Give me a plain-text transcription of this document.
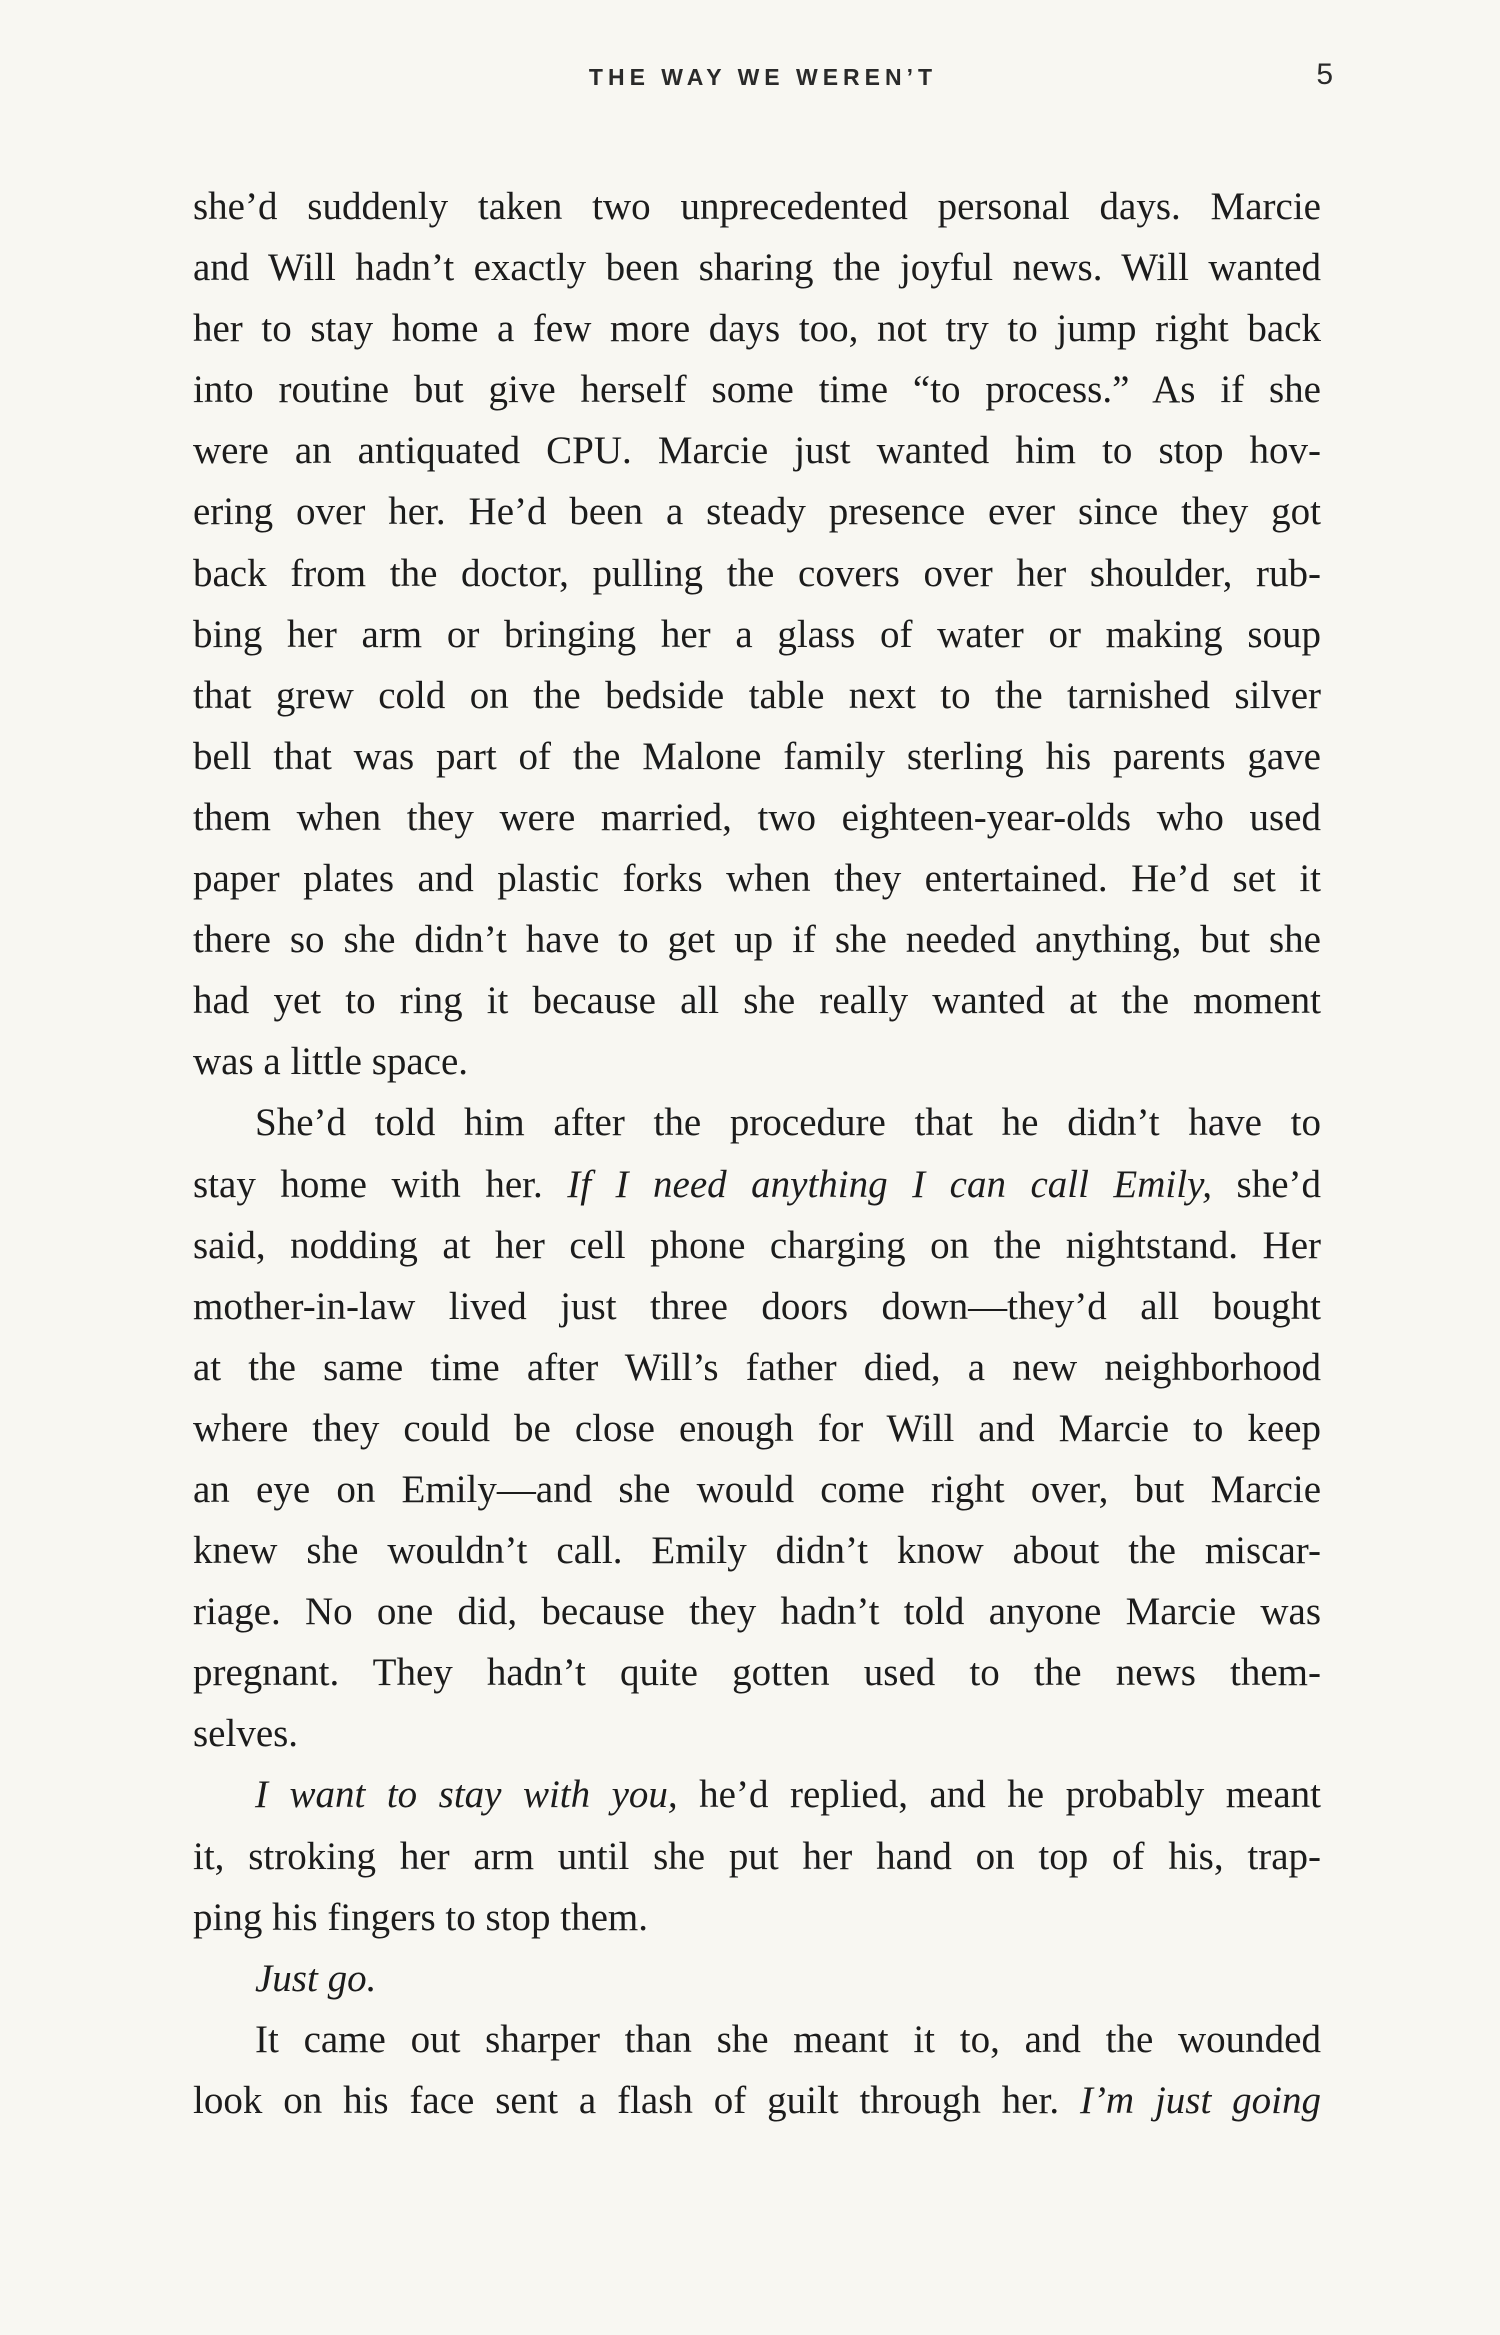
THE WAY WE WEREN’T	5
she’d suddenly taken two unprecedented personal days. Marcie
and Will hadn’t exactly been sharing the joyful news. Will wanted
her to stay home a few more days too, not try to jump right back
into routine but give herself some time “to process.” As if she
were an antiquated CPU. Marcie just wanted him to stop hov-
ering over her. He’d been a steady presence ever since they got
back from the doctor, pulling the covers over her shoulder, rub-
bing her arm or bringing her a glass of water or making soup
that grew cold on the bedside table next to the tarnished silver
bell that was part of the Malone family sterling his parents gave
them when they were married, two eighteen-year-olds who used
paper plates and plastic forks when they entertained. He’d set it
there so she didn’t have to get up if she needed anything, but she
had yet to ring it because all she really wanted at the moment
was a little space.
She’d told him after the procedure that he didn’t have to
stay home with her. If I need anything I can call Emily, she’d
said, nodding at her cell phone charging on the nightstand. Her
mother-in-law lived just three doors down—they’d all bought
at the same time after Will’s father died, a new neighborhood
where they could be close enough for Will and Marcie to keep
an eye on Emily—and she would come right over, but Marcie
knew she wouldn’t call. Emily didn’t know about the miscar-
riage. No one did, because they hadn’t told anyone Marcie was
pregnant. They hadn’t quite gotten used to the news them-
selves.
I want to stay with you, he’d replied, and he probably meant
it, stroking her arm until she put her hand on top of his, trap-
ping his fingers to stop them.
Just go.
It came out sharper than she meant it to, and the wounded
look on his face sent a flash of guilt through her. I’m just going
